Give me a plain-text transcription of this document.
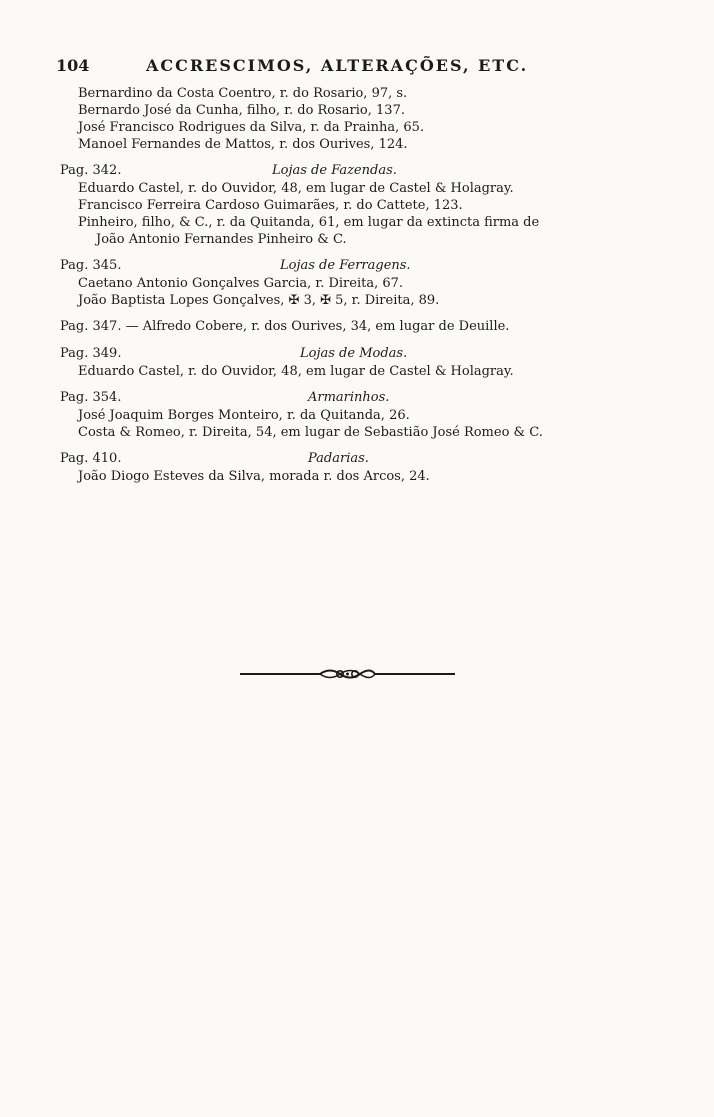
104	ACCRESCIMOS, ALTERAÇÕES, ETC.
Bernardino da Costa Coentro, r. do Rosario, 97, s.
Bernardo José da Cunha, filho, r. do Rosario, 137.
José Francisco Rodrigues da Silva, r. da Prainha, 65.
Manoel Fernandes de Mattos, r. dos Ourives, 124.
Pag. 342.	Lojas de Fazendas.
Eduardo Castel, r. do Ouvidor, 48, em lugar de Castel & Holagray.
Francisco Ferreira Cardoso Guimarães, r. do Cattete, 123.
Pinheiro, filho, & C., r. da Quitanda, 61, em lugar da extincta firma de
João Antonio Fernandes Pinheiro & C.
Pag. 345.	Lojas de Ferragens.
Caetano Antonio Gonçalves Garcia, r. Direita, 67.
João Baptista Lopes Gonçalves, ✠ 3, ✠ 5, r. Direita, 89.
Pag. 347. — Alfredo Cobere, r. dos Ourives, 34, em lugar de Deuille.
Pag. 349.	Lojas de Modas.
Eduardo Castel, r. do Ouvidor, 48, em lugar de Castel & Holagray.
Pag. 354.	Armarinhos.
José Joaquim Borges Monteiro, r. da Quitanda, 26.
Costa & Romeo, r. Direita, 54, em lugar de Sebastião José Romeo & C.
Pag. 410.	Padarias.
João Diogo Esteves da Silva, morada r. dos Arcos, 24.
